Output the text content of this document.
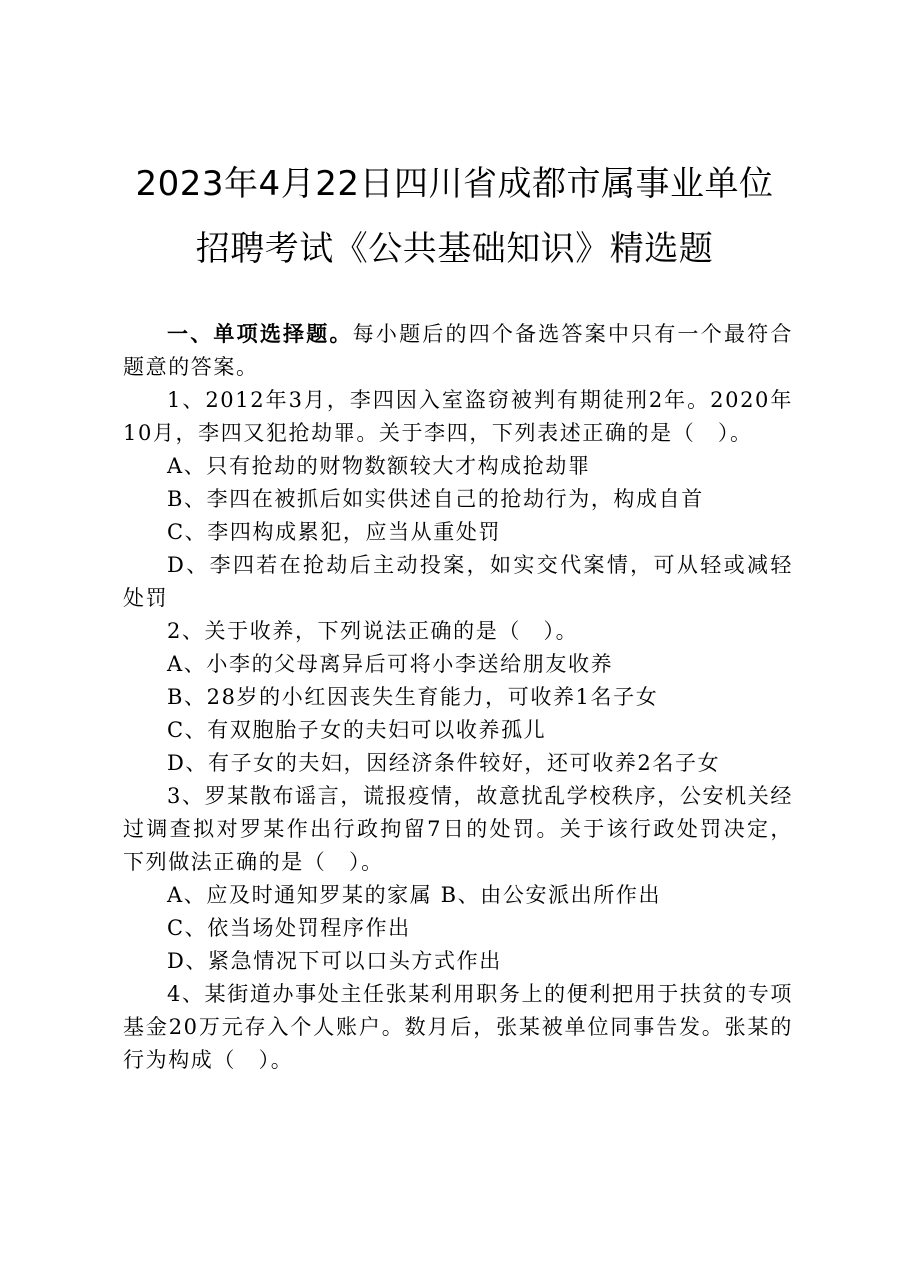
2023年4月22日四川省成都市属事业单位
招聘考试《公共基础知识》精选题

一、单项选择题。每小题后的四个备选答案中只有一个最符合题意的答案。

1、2012年3月，李四因入室盗窃被判有期徒刑2年。2020年10月，李四又犯抢劫罪。关于李四，下列表述正确的是（　）。

A、只有抢劫的财物数额较大才构成抢劫罪

B、李四在被抓后如实供述自己的抢劫行为，构成自首

C、李四构成累犯，应当从重处罚

D、李四若在抢劫后主动投案，如实交代案情，可从轻或减轻处罚

2、关于收养，下列说法正确的是（　）。

A、小李的父母离异后可将小李送给朋友收养

B、28岁的小红因丧失生育能力，可收养1名子女

C、有双胞胎子女的夫妇可以收养孤儿

D、有子女的夫妇，因经济条件较好，还可收养2名子女

3、罗某散布谣言，谎报疫情，故意扰乱学校秩序，公安机关经过调查拟对罗某作出行政拘留7日的处罚。关于该行政处罚决定，下列做法正确的是（　）。

A、应及时通知罗某的家属 B、由公安派出所作出

C、依当场处罚程序作出

D、紧急情况下可以口头方式作出

4、某街道办事处主任张某利用职务上的便利把用于扶贫的专项基金20万元存入个人账户。数月后，张某被单位同事告发。张某的行为构成（　）。
